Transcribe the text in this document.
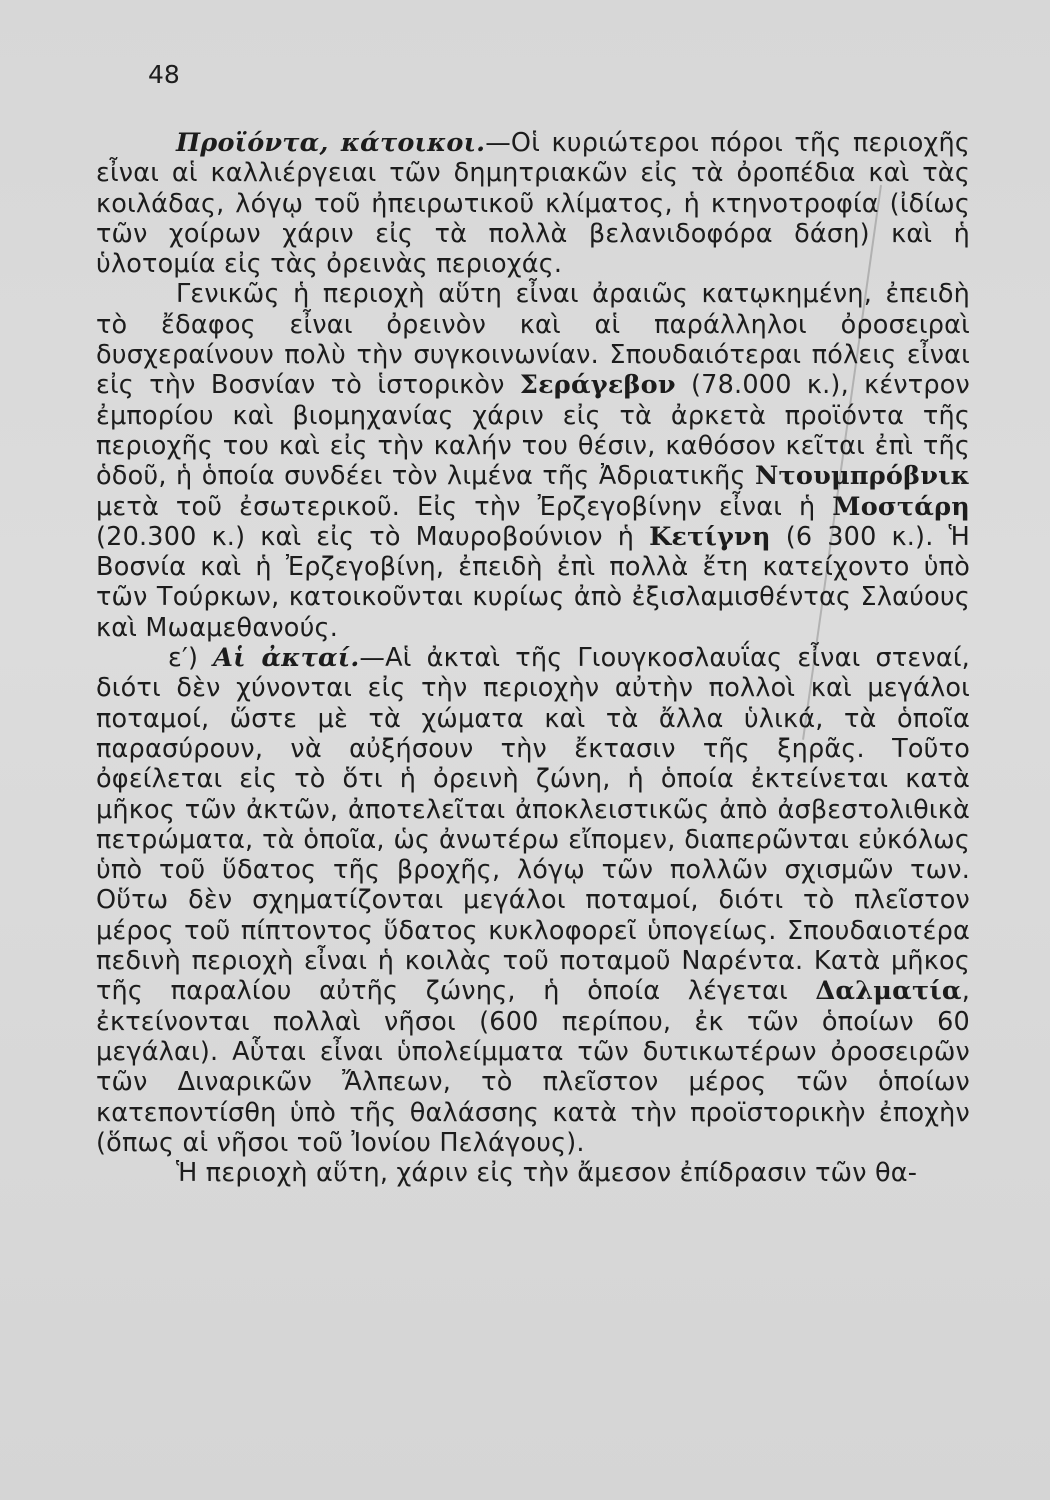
48

Προϊόντα, κάτοικοι.—Οἱ κυριώτεροι πόροι τῆς περιοχῆς εἶναι αἱ καλλιέργειαι τῶν δημητριακῶν εἰς τὰ ὀροπέδια καὶ τὰς κοιλάδας, λόγῳ τοῦ ἠπειρωτικοῦ κλίματος, ἡ κτηνοτροφία (ἰδίως τῶν χοίρων χάριν εἰς τὰ πολλὰ βελανιδοφόρα δάση) καὶ ἡ ὑλοτομία εἰς τὰς ὀρεινὰς περιοχάς.

Γενικῶς ἡ περιοχὴ αὕτη εἶναι ἀραιῶς κατῳκημένη, ἐπειδὴ τὸ ἔδαφος εἶναι ὀρεινὸν καὶ αἱ παράλληλοι ὀροσειραὶ δυσχεραίνουν πολὺ τὴν συγκοινωνίαν. Σπουδαιότεραι πόλεις εἶναι εἰς τὴν Βοσνίαν τὸ ἱστορικὸν Σεράγεβον (78.000 κ.), κέντρον ἐμπορίου καὶ βιομηχανίας χάριν εἰς τὰ ἀρκετὰ προϊόντα τῆς περιοχῆς του καὶ εἰς τὴν καλήν του θέσιν, καθόσον κεῖται ἐπὶ τῆς ὁδοῦ, ἡ ὁποία συνδέει τὸν λιμένα τῆς Ἀδριατικῆς Ντουμπρόβνικ μετὰ τοῦ ἐσωτερικοῦ. Εἰς τὴν Ἐρζεγοβίνην εἶναι ἡ Μοστάρη (20.300 κ.) καὶ εἰς τὸ Μαυροβούνιον ἡ Κετίγνη (6 300 κ.). Ἡ Βοσνία καὶ ἡ Ἐρζεγοβίνη, ἐπειδὴ ἐπὶ πολλὰ ἔτη κατείχοντο ὑπὸ τῶν Τούρκων, κατοικοῦνται κυρίως ἀπὸ ἐξισλαμισθέντας Σλαύους καὶ Μωαμεθανούς.

ε′) Αἱ ἀκταί.—Αἱ ἀκταὶ τῆς Γιουγκοσλαυΐας εἶναι στεναί, διότι δὲν χύνονται εἰς τὴν περιοχὴν αὐτὴν πολλοὶ καὶ μεγάλοι ποταμοί, ὥστε μὲ τὰ χώματα καὶ τὰ ἄλλα ὑλικά, τὰ ὁποῖα παρασύρουν, νὰ αὐξήσουν τὴν ἔκτασιν τῆς ξηρᾶς. Τοῦτο ὀφείλεται εἰς τὸ ὅτι ἡ ὀρεινὴ ζώνη, ἡ ὁποία ἐκτείνεται κατὰ μῆκος τῶν ἀκτῶν, ἀποτελεῖται ἀποκλειστικῶς ἀπὸ ἀσβεστολιθικὰ πετρώματα, τὰ ὁποῖα, ὡς ἀνωτέρω εἴπομεν, διαπερῶνται εὐκόλως ὑπὸ τοῦ ὕδατος τῆς βροχῆς, λόγῳ τῶν πολλῶν σχισμῶν των. Οὕτω δὲν σχηματίζονται μεγάλοι ποταμοί, διότι τὸ πλεῖστον μέρος τοῦ πίπτοντος ὕδατος κυκλοφορεῖ ὑπογείως. Σπουδαιοτέρα πεδινὴ περιοχὴ εἶναι ἡ κοιλὰς τοῦ ποταμοῦ Ναρέντα. Κατὰ μῆκος τῆς παραλίου αὐτῆς ζώνης, ἡ ὁποία λέγεται Δαλματία, ἐκτείνονται πολλαὶ νῆσοι (600 περίπου, ἐκ τῶν ὁποίων 60 μεγάλαι). Αὗται εἶναι ὑπολείμματα τῶν δυτικωτέρων ὀροσειρῶν τῶν Διναρικῶν Ἄλπεων, τὸ πλεῖστον μέρος τῶν ὁποίων κατεποντίσθη ὑπὸ τῆς θαλάσσης κατὰ τὴν προϊστορικὴν ἐποχὴν (ὅπως αἱ νῆσοι τοῦ Ἰονίου Πελάγους).

Ἡ περιοχὴ αὕτη, χάριν εἰς τὴν ἄμεσον ἐπίδρασιν τῶν θα-
